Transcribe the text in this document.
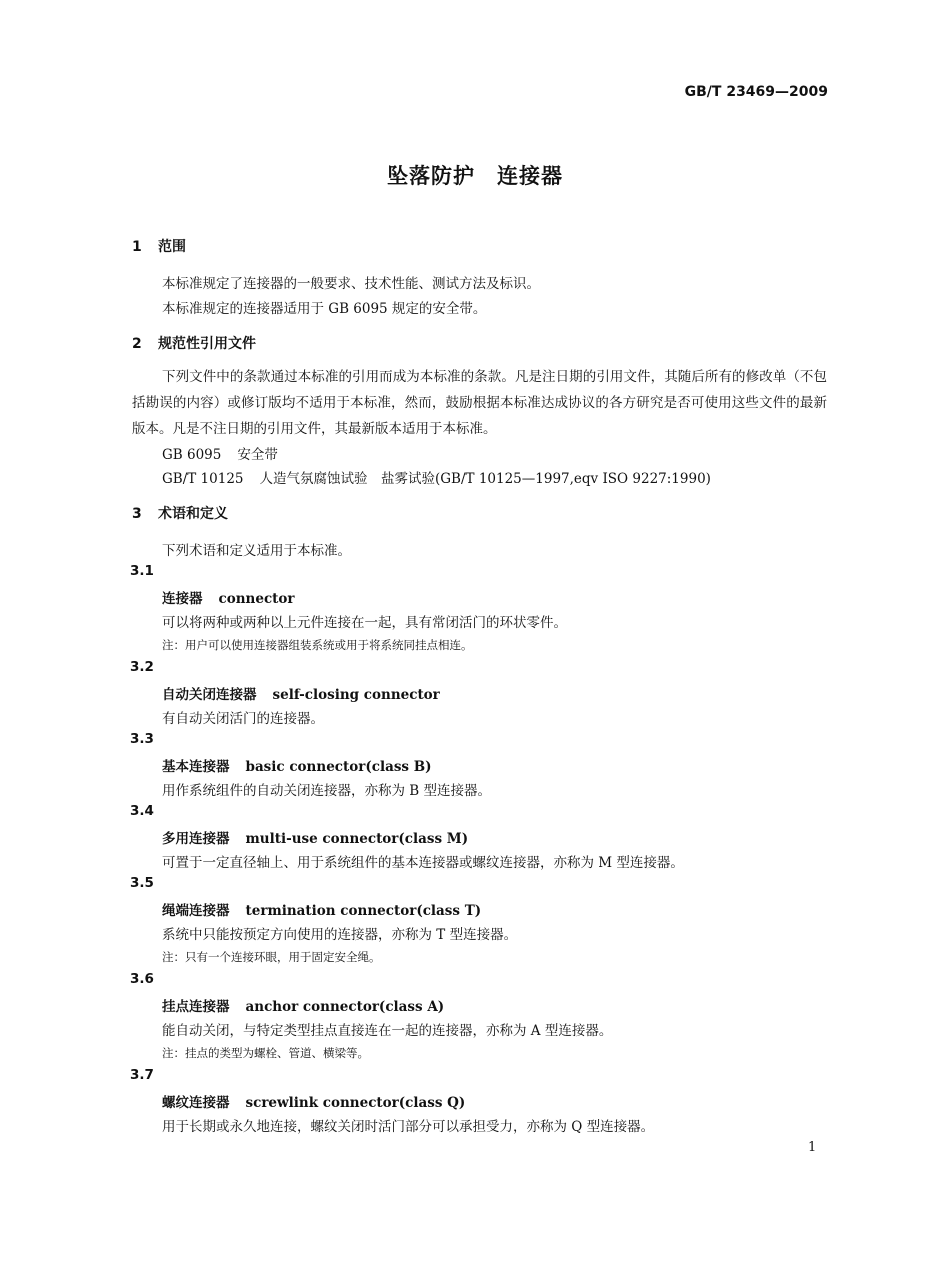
GB/T 23469—2009
坠落防护　连接器
1 范围
本标准规定了连接器的一般要求、技术性能、测试方法及标识。
本标准规定的连接器适用于 GB 6095 规定的安全带。
2 规范性引用文件
下列文件中的条款通过本标准的引用而成为本标准的条款。凡是注日期的引用文件，其随后所有的修改单（不包括勘误的内容）或修订版均不适用于本标准，然而，鼓励根据本标准达成协议的各方研究是否可使用这些文件的最新版本。凡是不注日期的引用文件，其最新版本适用于本标准。
GB 6095 安全带
GB/T 10125 人造气氛腐蚀试验　盐雾试验(GB/T 10125—1997,eqv ISO 9227:1990)
3 术语和定义
下列术语和定义适用于本标准。
3.1
连接器 connector
可以将两种或两种以上元件连接在一起，具有常闭活门的环状零件。
注：用户可以使用连接器组装系统或用于将系统同挂点相连。
3.2
自动关闭连接器 self-closing connector
有自动关闭活门的连接器。
3.3
基本连接器 basic connector(class B)
用作系统组件的自动关闭连接器，亦称为 B 型连接器。
3.4
多用连接器 multi-use connector(class M)
可置于一定直径轴上、用于系统组件的基本连接器或螺纹连接器，亦称为 M 型连接器。
3.5
绳端连接器 termination connector(class T)
系统中只能按预定方向使用的连接器，亦称为 T 型连接器。
注：只有一个连接环眼，用于固定安全绳。
3.6
挂点连接器 anchor connector(class A)
能自动关闭，与特定类型挂点直接连在一起的连接器，亦称为 A 型连接器。
注：挂点的类型为螺栓、管道、横梁等。
3.7
螺纹连接器 screwlink connector(class Q)
用于长期或永久地连接，螺纹关闭时活门部分可以承担受力，亦称为 Q 型连接器。
1
